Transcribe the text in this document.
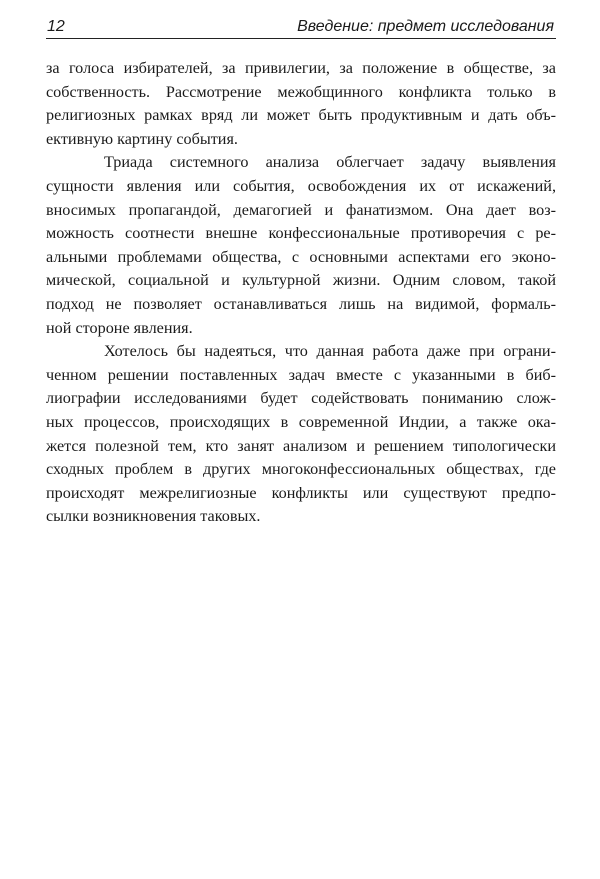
12	Введение: предмет исследования
за голоса избирателей, за привилегии, за положение в обществе, за
собственность. Рассмотрение межобщинного конфликта только в
религиозных рамках вряд ли может быть продуктивным и дать объ-
ективную картину события.
Триада системного анализа облегчает задачу выявления
сущности явления или события, освобождения их от искажений,
вносимых пропагандой, демагогией и фанатизмом. Она дает воз-
можность соотнести внешне конфессиональные противоречия с ре-
альными проблемами общества, с основными аспектами его эконо-
мической, социальной и культурной жизни. Одним словом, такой
подход не позволяет останавливаться лишь на видимой, формаль-
ной стороне явления.
Хотелось бы надеяться, что данная работа даже при ограни-
ченном решении поставленных задач вместе с указанными в биб-
лиографии исследованиями будет содействовать пониманию слож-
ных процессов, происходящих в современной Индии, а также ока-
жется полезной тем, кто занят анализом и решением типологически
сходных проблем в других многоконфессиональных обществах, где
происходят межрелигиозные конфликты или существуют предпо-
сылки возникновения таковых.
